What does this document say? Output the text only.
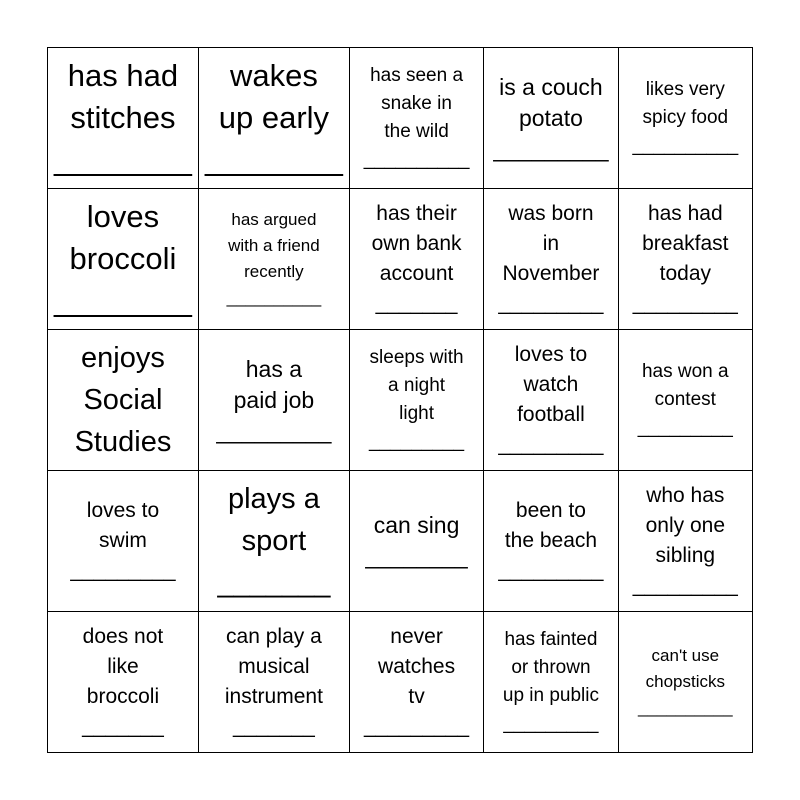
has had
stitches
________
wakes
up early
________
has seen a
snake in
the wild
__________
is a couch
potato
_________
likes very
spicy food
__________
loves
broccoli
________
has argued
with a friend
recently
__________
has their
own bank
account
_______
was born
in
November
_________
has had
breakfast
today
_________
enjoys
Social
Studies
has a
paid job
_________
sleeps with
a night
light
_________
loves to
watch
football
_________
has won a
contest
_________
loves to
swim
_________
plays a
sport
_______
can sing
________
been to
the beach
_________
who has
only one
sibling
_________
does not
like
broccoli
_______
can play a
musical
instrument
_______
never
watches
tv
_________
has fainted
or thrown
up in public
_________
can't use
chopsticks
__________
